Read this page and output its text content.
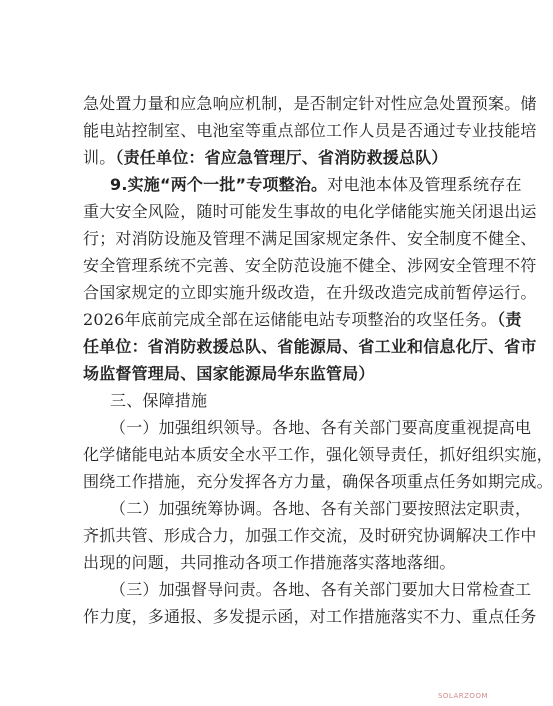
急处置力量和应急响应机制，是否制定针对性应急处置预案。储
能电站控制室、电池室等重点部位工作人员是否通过专业技能培
训。（责任单位：省应急管理厅、省消防救援总队）
9.实施“两个一批”专项整治。对电池本体及管理系统存在
重大安全风险，随时可能发生事故的电化学储能实施关闭退出运
行；对消防设施及管理不满足国家规定条件、安全制度不健全、
安全管理系统不完善、安全防范设施不健全、涉网安全管理不符
合国家规定的立即实施升级改造，在升级改造完成前暂停运行。
2026年底前完成全部在运储能电站专项整治的攻坚任务。（责
任单位：省消防救援总队、省能源局、省工业和信息化厅、省市
场监督管理局、国家能源局华东监管局）
三、保障措施
（一）加强组织领导。各地、各有关部门要高度重视提高电
化学储能电站本质安全水平工作，强化领导责任，抓好组织实施，
围绕工作措施，充分发挥各方力量，确保各项重点任务如期完成。
（二）加强统筹协调。各地、各有关部门要按照法定职责，
齐抓共管、形成合力，加强工作交流，及时研究协调解决工作中
出现的问题，共同推动各项工作措施落实落地落细。
（三）加强督导问责。各地、各有关部门要加大日常检查工
作力度，多通报、多发提示函，对工作措施落实不力、重点任务
SOLARZOOM
